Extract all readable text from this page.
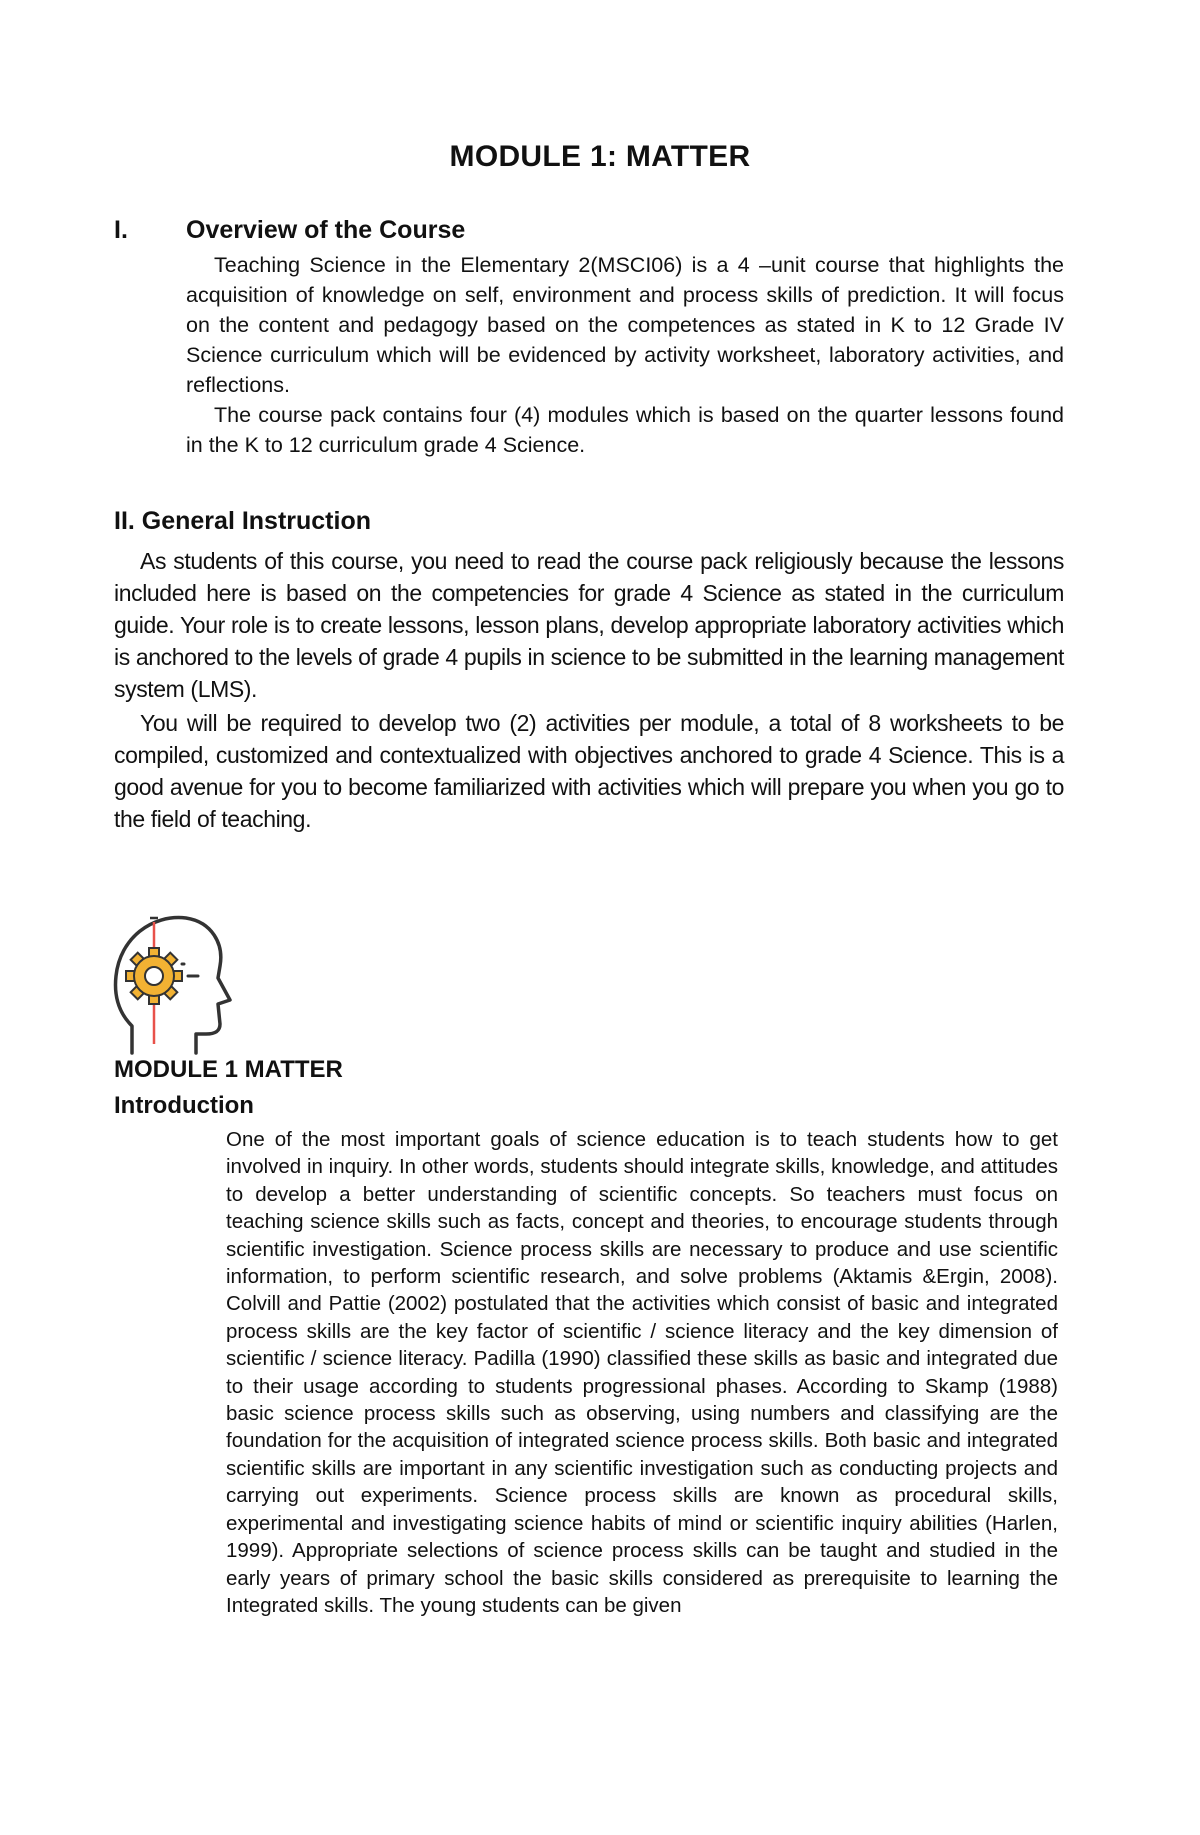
MODULE 1: MATTER
I. Overview of the Course

Teaching Science in the Elementary 2(MSCI06) is a 4 –unit course that highlights the acquisition of knowledge on self, environment and process skills of prediction. It will focus on the content and pedagogy based on the competences as stated in K to 12 Grade IV Science curriculum which will be evidenced by activity worksheet, laboratory activities, and reflections.

The course pack contains four (4) modules which is based on the quarter lessons found in the K to 12 curriculum grade 4 Science.

II. General Instruction

As students of this course, you need to read the course pack religiously because the lessons included here is based on the competencies for grade 4 Science as stated in the curriculum guide. Your role is to create lessons, lesson plans, develop appropriate laboratory activities which is anchored to the levels of grade 4 pupils in science to be submitted in the learning management system (LMS).

You will be required to develop two (2) activities per module, a total of 8 worksheets to be compiled, customized and contextualized with objectives anchored to grade 4 Science. This is a good avenue for you to become familiarized with activities which will prepare you when you go to the field of teaching.

MODULE 1 MATTER
Introduction

One of the most important goals of science education is to teach students how to get involved in inquiry. In other words, students should integrate skills, knowledge, and attitudes to develop a better understanding of scientific concepts. So teachers must focus on teaching science skills such as facts, concept and theories, to encourage students through scientific investigation. Science process skills are necessary to produce and use scientific information, to perform scientific research, and solve problems (Aktamis &Ergin, 2008). Colvill and Pattie (2002) postulated that the activities which consist of basic and integrated process skills are the key factor of scientific / science literacy and the key dimension of scientific / science literacy. Padilla (1990) classified these skills as basic and integrated due to their usage according to students progressional phases. According to Skamp (1988) basic science process skills such as observing, using numbers and classifying are the foundation for the acquisition of integrated science process skills. Both basic and integrated scientific skills are important in any scientific investigation such as conducting projects and carrying out experiments. Science process skills are known as procedural skills, experimental and investigating science habits of mind or scientific inquiry abilities (Harlen, 1999). Appropriate selections of science process skills can be taught and studied in the early years of primary school the basic skills considered as prerequisite to learning the Integrated skills. The young students can be given
